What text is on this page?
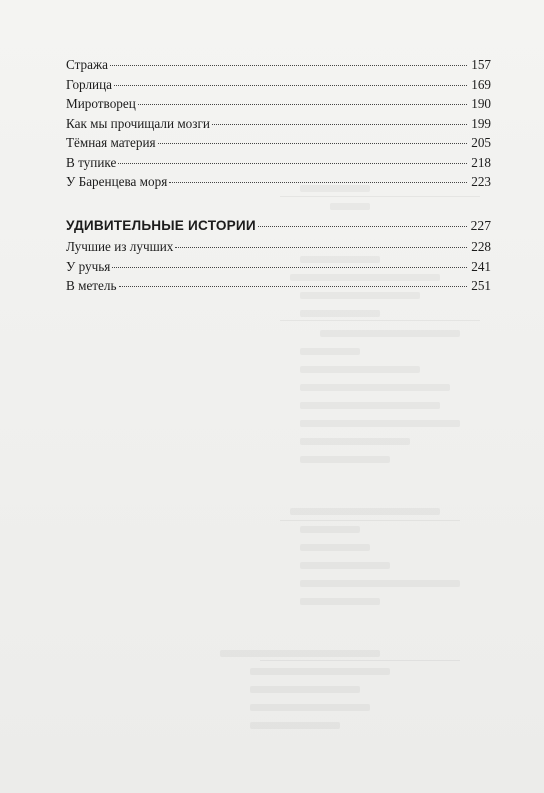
Стража	157
Горлица	169
Миротворец	190
Как мы прочищали мозги	199
Тёмная материя	205
В тупике	218
У Баренцева моря	223
УДИВИТЕЛЬНЫЕ ИСТОРИИ	227
Лучшие из лучших	228
У ручья	241
В метель	251
